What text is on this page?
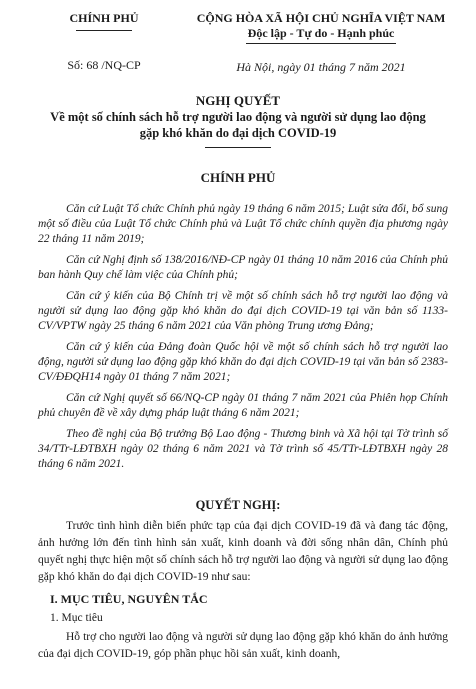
CHÍNH PHỦ	CỘNG HÒA XÃ HỘI CHỦ NGHĨA VIỆT NAM
Độc lập - Tự do - Hạnh phúc
Số: 68 /NQ-CP	Hà Nội, ngày 01 tháng 7 năm 2021
NGHỊ QUYẾT
Về một số chính sách hỗ trợ người lao động và người sử dụng lao động
gặp khó khăn do đại dịch COVID-19
CHÍNH PHỦ

Căn cứ Luật Tổ chức Chính phủ ngày 19 tháng 6 năm 2015; Luật sửa đổi, bổ sung một số điều của Luật Tổ chức Chính phủ và Luật Tổ chức chính quyền địa phương ngày 22 tháng 11 năm 2019;

Căn cứ Nghị định số 138/2016/NĐ-CP ngày 01 tháng 10 năm 2016 của Chính phủ ban hành Quy chế làm việc của Chính phủ;

Căn cứ ý kiến của Bộ Chính trị về một số chính sách hỗ trợ người lao động và người sử dụng lao động gặp khó khăn do đại dịch COVID-19 tại văn bản số 1133-CV/VPTW ngày 25 tháng 6 năm 2021 của Văn phòng Trung ương Đảng;

Căn cứ ý kiến của Đảng đoàn Quốc hội về một số chính sách hỗ trợ người lao động, người sử dụng lao động gặp khó khăn do đại dịch COVID-19 tại văn bản số 2383-CV/ĐĐQH14 ngày 01 tháng 7 năm 2021;

Căn cứ Nghị quyết số 66/NQ-CP ngày 01 tháng 7 năm 2021 của Phiên họp Chính phủ chuyên đề về xây dựng pháp luật tháng 6 năm 2021;

Theo đề nghị của Bộ trưởng Bộ Lao động - Thương binh và Xã hội tại Tờ trình số 34/TTr-LĐTBXH ngày 02 tháng 6 năm 2021 và Tờ trình số 45/TTr-LĐTBXH ngày 28 tháng 6 năm 2021.

QUYẾT NGHỊ:

Trước tình hình diễn biến phức tạp của đại dịch COVID-19 đã và đang tác động, ảnh hưởng lớn đến tình hình sản xuất, kinh doanh và đời sống nhân dân, Chính phủ quyết nghị thực hiện một số chính sách hỗ trợ người lao động và người sử dụng lao động gặp khó khăn do đại dịch COVID-19 như sau:

I. MỤC TIÊU, NGUYÊN TẮC
1. Mục tiêu

Hỗ trợ cho người lao động và người sử dụng lao động gặp khó khăn do ảnh hưởng của đại dịch COVID-19, góp phần phục hồi sản xuất, kinh doanh,
